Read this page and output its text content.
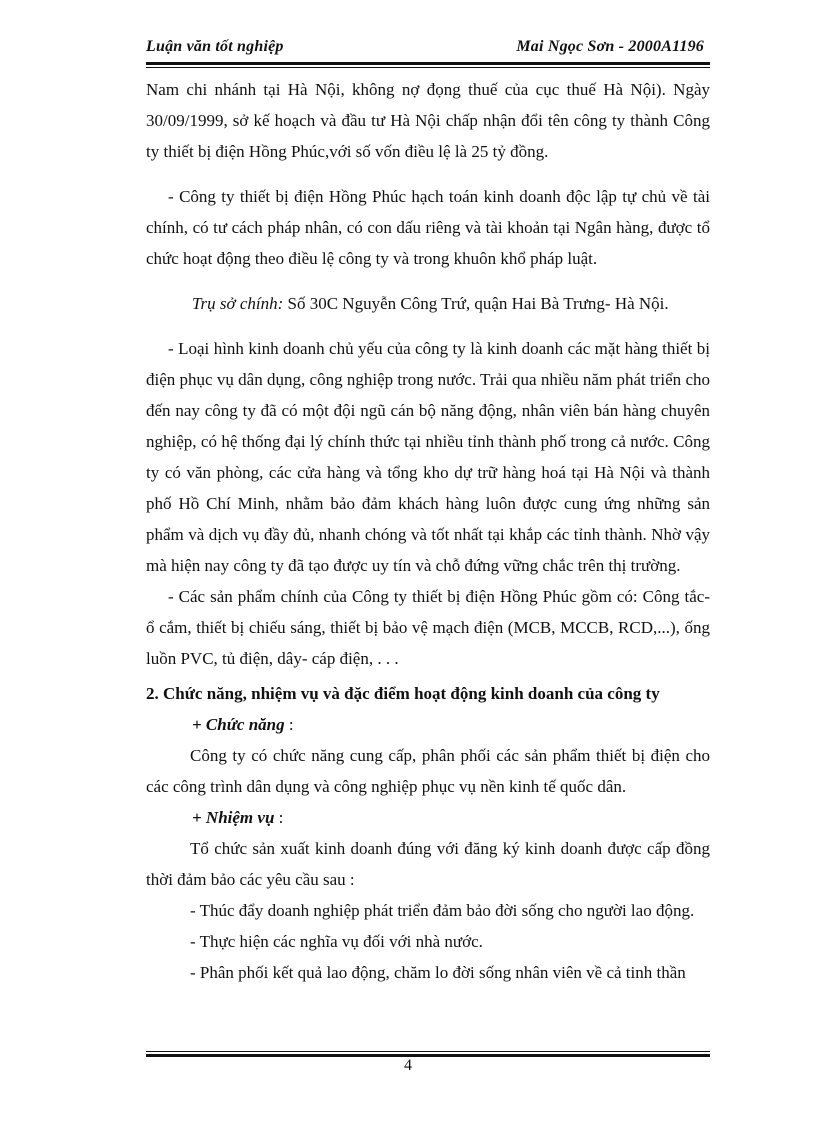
Luận văn tốt nghiệp	Mai Ngọc Sơn - 2000A1196

Nam chi nhánh tại Hà Nội, không nợ đọng thuế của cục thuế Hà Nội). Ngày 30/09/1999, sở kế hoạch và đầu tư Hà Nội chấp nhận đổi tên công ty thành Công ty thiết bị điện Hồng Phúc,với số vốn điều lệ là 25 tỷ đồng.

- Công ty thiết bị điện Hồng Phúc hạch toán kinh doanh độc lập tự chủ về tài chính, có tư cách pháp nhân, có con dấu riêng và tài khoản tại Ngân hàng, được tổ chức hoạt động theo điều lệ công ty và trong khuôn khổ pháp luật.

Trụ sở chính: Số 30C Nguyễn Công Trứ, quận Hai Bà Trưng- Hà Nội.

- Loại hình kinh doanh chủ yếu của công ty là kinh doanh các mặt hàng thiết bị điện phục vụ dân dụng, công nghiệp trong nước. Trải qua nhiều năm phát triển cho đến nay công ty đã có một đội ngũ cán bộ năng động, nhân viên bán hàng chuyên nghiệp, có hệ thống đại lý chính thức tại nhiều tỉnh thành phố trong cả nước. Công ty có văn phòng, các cửa hàng và tổng kho dự trữ hàng hoá tại Hà Nội và thành phố Hồ Chí Minh, nhằm bảo đảm khách hàng luôn được cung ứng những sản phẩm và dịch vụ đầy đủ, nhanh chóng và tốt nhất tại khắp các tỉnh thành. Nhờ vậy mà hiện nay công ty đã tạo được uy tín và chỗ đứng vững chắc trên thị trường.

- Các sản phẩm chính của Công ty thiết bị điện Hồng Phúc gồm có: Công tắc- ổ cắm, thiết bị chiếu sáng, thiết bị bảo vệ mạch điện (MCB, MCCB, RCD,...), ống luồn PVC, tủ điện, dây- cáp điện, . . .

2. Chức năng, nhiệm vụ và đặc điểm hoạt động kinh doanh của công ty

+ Chức năng :

Công ty có chức năng cung cấp, phân phối các sản phẩm thiết bị điện cho các công trình dân dụng và công nghiệp phục vụ nền kinh tế quốc dân.

+ Nhiệm vụ :

Tổ chức sản xuất kinh doanh đúng với đăng ký kinh doanh được cấp đồng thời đảm bảo các yêu cầu sau :

- Thúc đẩy doanh nghiệp phát triển đảm bảo đời sống cho người lao động.

- Thực hiện các nghĩa vụ đối với nhà nước.

- Phân phối kết quả lao động, chăm lo đời sống nhân viên về cả tinh thần

4
